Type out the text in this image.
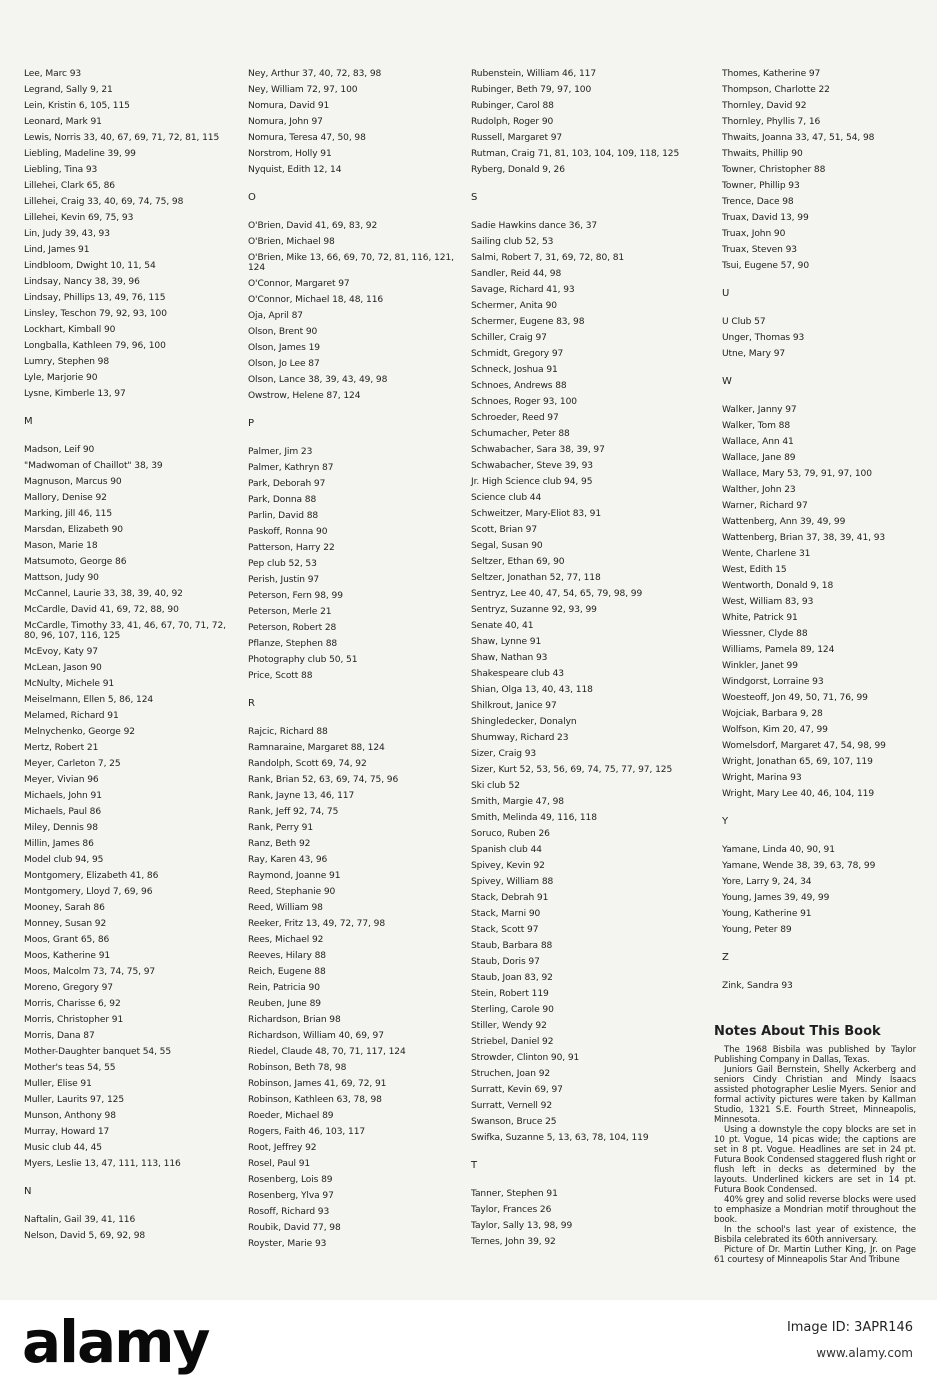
Lee, Marc 93
Legrand, Sally 9, 21
Lein, Kristin 6, 105, 115
Leonard, Mark 91
Lewis, Norris 33, 40, 67, 69, 71, 72, 81, 115
Liebling, Madeline 39, 99
Liebling, Tina 93
Lillehei, Clark 65, 86
Lillehei, Craig 33, 40, 69, 74, 75, 98
Lillehei, Kevin 69, 75, 93
Lin, Judy 39, 43, 93
Lind, James 91
Lindbloom, Dwight 10, 11, 54
Lindsay, Nancy 38, 39, 96
Lindsay, Phillips 13, 49, 76, 115
Linsley, Teschon 79, 92, 93, 100
Lockhart, Kimball 90
Longballa, Kathleen 79, 96, 100
Lumry, Stephen 98
Lyle, Marjorie 90
Lysne, Kimberle 13, 97
M
Madson, Leif 90
"Madwoman of Chaillot" 38, 39
Magnuson, Marcus 90
Mallory, Denise 92
Marking, Jill 46, 115
Marsdan, Elizabeth 90
Mason, Marie 18
Matsumoto, George 86
Mattson, Judy 90
McCannel, Laurie 33, 38, 39, 40, 92
McCardle, David 41, 69, 72, 88, 90
McCardle, Timothy 33, 41, 46, 67, 70, 71, 72, 80, 96, 107, 116, 125
McEvoy, Katy 97
McLean, Jason 90
McNulty, Michele 91
Meiselmann, Ellen 5, 86, 124
Melamed, Richard 91
Melnychenko, George 92
Mertz, Robert 21
Meyer, Carleton 7, 25
Meyer, Vivian 96
Michaels, John 91
Michaels, Paul 86
Miley, Dennis 98
Millin, James 86
Model club 94, 95
Montgomery, Elizabeth 41, 86
Montgomery, Lloyd 7, 69, 96
Mooney, Sarah 86
Monney, Susan 92
Moos, Grant 65, 86
Moos, Katherine 91
Moos, Malcolm 73, 74, 75, 97
Moreno, Gregory 97
Morris, Charisse 6, 92
Morris, Christopher 91
Morris, Dana 87
Mother-Daughter banquet 54, 55
Mother's teas 54, 55
Muller, Elise 91
Muller, Laurits 97, 125
Munson, Anthony 98
Murray, Howard 17
Music club 44, 45
Myers, Leslie 13, 47, 111, 113, 116
N
Naftalin, Gail 39, 41, 116
Nelson, David 5, 69, 92, 98
Ney, Arthur 37, 40, 72, 83, 98
Ney, William 72, 97, 100
Nomura, David 91
Nomura, John 97
Nomura, Teresa 47, 50, 98
Norstrom, Holly 91
Nyquist, Edith 12, 14
O
O'Brien, David 41, 69, 83, 92
O'Brien, Michael 98
O'Brien, Mike 13, 66, 69, 70, 72, 81, 116, 121, 124
O'Connor, Margaret 97
O'Connor, Michael 18, 48, 116
Oja, April 87
Olson, Brent 90
Olson, James 19
Olson, Jo Lee 87
Olson, Lance 38, 39, 43, 49, 98
Owstrow, Helene 87, 124
P
Palmer, Jim 23
Palmer, Kathryn 87
Park, Deborah 97
Park, Donna 88
Parlin, David 88
Paskoff, Ronna 90
Patterson, Harry 22
Pep club 52, 53
Perish, Justin 97
Peterson, Fern 98, 99
Peterson, Merle 21
Peterson, Robert 28
Pflanze, Stephen 88
Photography club 50, 51
Price, Scott 88
R
Rajcic, Richard 88
Ramnaraine, Margaret 88, 124
Randolph, Scott 69, 74, 92
Rank, Brian 52, 63, 69, 74, 75, 96
Rank, Jayne 13, 46, 117
Rank, Jeff 92, 74, 75
Rank, Perry 91
Ranz, Beth 92
Ray, Karen 43, 96
Raymond, Joanne 91
Reed, Stephanie 90
Reed, William 98
Reeker, Fritz 13, 49, 72, 77, 98
Rees, Michael 92
Reeves, Hilary 88
Reich, Eugene 88
Rein, Patricia 90
Reuben, June 89
Richardson, Brian 98
Richardson, William 40, 69, 97
Riedel, Claude 48, 70, 71, 117, 124
Robinson, Beth 78, 98
Robinson, James 41, 69, 72, 91
Robinson, Kathleen 63, 78, 98
Roeder, Michael 89
Rogers, Faith 46, 103, 117
Root, Jeffrey 92
Rosel, Paul 91
Rosenberg, Lois 89
Rosenberg, Ylva 97
Rosoff, Richard 93
Roubik, David 77, 98
Royster, Marie 93
Rubenstein, William 46, 117
Rubinger, Beth 79, 97, 100
Rubinger, Carol 88
Rudolph, Roger 90
Russell, Margaret 97
Rutman, Craig 71, 81, 103, 104, 109, 118, 125
Ryberg, Donald 9, 26
S
Sadie Hawkins dance 36, 37
Sailing club 52, 53
Salmi, Robert 7, 31, 69, 72, 80, 81
Sandler, Reid 44, 98
Savage, Richard 41, 93
Schermer, Anita 90
Schermer, Eugene 83, 98
Schiller, Craig 97
Schmidt, Gregory 97
Schneck, Joshua 91
Schnoes, Andrews 88
Schnoes, Roger 93, 100
Schroeder, Reed 97
Schumacher, Peter 88
Schwabacher, Sara 38, 39, 97
Schwabacher, Steve 39, 93
Jr. High Science club 94, 95
Science club 44
Schweitzer, Mary-Eliot 83, 91
Scott, Brian 97
Segal, Susan 90
Seltzer, Ethan 69, 90
Seltzer, Jonathan 52, 77, 118
Sentryz, Lee 40, 47, 54, 65, 79, 98, 99
Sentryz, Suzanne 92, 93, 99
Senate 40, 41
Shaw, Lynne 91
Shaw, Nathan 93
Shakespeare club 43
Shian, Olga 13, 40, 43, 118
Shilkrout, Janice 97
Shingledecker, Donalyn
Shumway, Richard 23
Sizer, Craig 93
Sizer, Kurt 52, 53, 56, 69, 74, 75, 77, 97, 125
Ski club 52
Smith, Margie 47, 98
Smith, Melinda 49, 116, 118
Soruco, Ruben 26
Spanish club 44
Spivey, Kevin 92
Spivey, William 88
Stack, Debrah 91
Stack, Marni 90
Stack, Scott 97
Staub, Barbara 88
Staub, Doris 97
Staub, Joan 83, 92
Stein, Robert 119
Sterling, Carole 90
Stiller, Wendy 92
Striebel, Daniel 92
Strowder, Clinton 90, 91
Struchen, Joan 92
Surratt, Kevin 69, 97
Surratt, Vernell 92
Swanson, Bruce 25
Swifka, Suzanne 5, 13, 63, 78, 104, 119
T
Tanner, Stephen 91
Taylor, Frances 26
Taylor, Sally 13, 98, 99
Ternes, John 39, 92
Thomes, Katherine 97
Thompson, Charlotte 22
Thornley, David 92
Thornley, Phyllis 7, 16
Thwaits, Joanna 33, 47, 51, 54, 98
Thwaits, Phillip 90
Towner, Christopher 88
Towner, Phillip 93
Trence, Dace 98
Truax, David 13, 99
Truax, John 90
Truax, Steven 93
Tsui, Eugene 57, 90
U
U Club 57
Unger, Thomas 93
Utne, Mary 97
W
Walker, Janny 97
Walker, Tom 88
Wallace, Ann 41
Wallace, Jane 89
Wallace, Mary 53, 79, 91, 97, 100
Walther, John 23
Warner, Richard 97
Wattenberg, Ann 39, 49, 99
Wattenberg, Brian 37, 38, 39, 41, 93
Wente, Charlene 31
West, Edith 15
Wentworth, Donald 9, 18
West, William 83, 93
White, Patrick 91
Wiessner, Clyde 88
Williams, Pamela 89, 124
Winkler, Janet 99
Windgorst, Lorraine 93
Woesteoff, Jon 49, 50, 71, 76, 99
Wojciak, Barbara 9, 28
Wolfson, Kim 20, 47, 99
Womelsdorf, Margaret 47, 54, 98, 99
Wright, Jonathan 65, 69, 107, 119
Wright, Marina 93
Wright, Mary Lee 40, 46, 104, 119
Y
Yamane, Linda 40, 90, 91
Yamane, Wende 38, 39, 63, 78, 99
Yore, Larry 9, 24, 34
Young, James 39, 49, 99
Young, Katherine 91
Young, Peter 89
Z
Zink, Sandra 93
Notes About This Book

The 1968 Bisbila was published by Taylor Publishing Company in Dallas, Texas.

Juniors Gail Bernstein, Shelly Ackerberg and seniors Cindy Christian and Mindy Isaacs assisted photographer Leslie Myers. Senior and formal activity pictures were taken by Kallman Studio, 1321 S.E. Fourth Street, Minneapolis, Minnesota.

Using a downstyle the copy blocks are set in 10 pt. Vogue, 14 picas wide; the captions are set in 8 pt. Vogue. Headlines are set in 24 pt. Futura Book Condensed staggered flush right or flush left in decks as determined by the layouts. Underlined kickers are set in 14 pt. Futura Book Condensed.

40% grey and solid reverse blocks were used to emphasize a Mondrian motif throughout the book.

In the school's last year of existence, the Bisbila celebrated its 60th anniversary.

Picture of Dr. Martin Luther King, Jr. on Page 61 courtesy of Minneapolis Star And Tribune

alamy	Image ID: 3APR146
www.alamy.com
